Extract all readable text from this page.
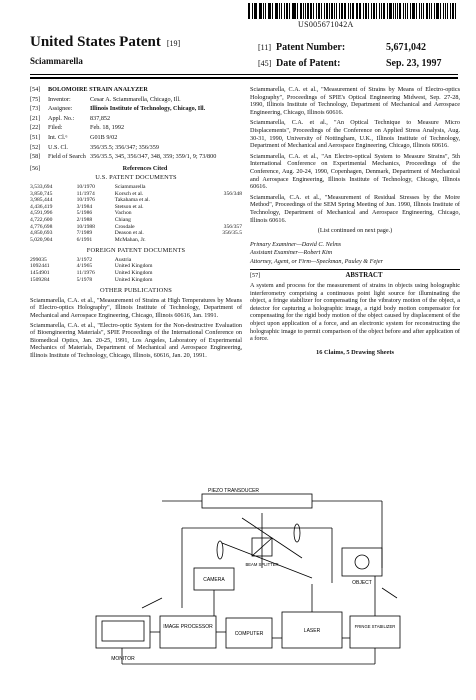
US005671042A
United States Patent [19]
Sciammarella
[11] Patent Number:	5,671,042
[45] Date of Patent:	Sep. 23, 1997
[54]	BOLOMOIRE STRAIN ANALYZER
[75]	Inventor:	Cesar A. Sciammarella, Chicago, Ill.
[73]	Assignee:	Illinois Institute of Technology, Chicago, Ill.
[21]	Appl. No.:	837,852
[22]	Filed:	Feb. 18, 1992
[51]	Int. Cl.⁶	G01B 9/02
[52]	U.S. Cl.	356/35.5; 356/347; 356/359
[58]	Field of Search 356/35.5, 345, 356/347, 348, 359; 359/1, 9; 73/800
[56]	References Cited
U.S. PATENT DOCUMENTS
3,533,694	10/1970	Sciammarella	
3,850,745	11/1974	Korsch et al.	356/348
3,985,444	10/1976	Takahama et al.	
4,436,419	3/1984	Stetson et al.	
4,591,996	5/1986	Vachon	
4,722,600	2/1988	Chiang	
4,776,698	10/1988	Crosdale	356/357
4,850,693	7/1989	Deason et al.	356/35.5
5,020,904	6/1991	McMahan, Jr.	
FOREIGN PATENT DOCUMENTS
299035	3/1972	Austria	
1092441	4/1965	United Kingdom	
1454901	11/1976	United Kingdom	
1509284	5/1978	United Kingdom	
OTHER PUBLICATIONS

Sciammarella, C.A. et al., "Measurement of Strains at High Temperatures by Means of Electro-optics Holography", Illinois Institute of Technology, Department of Mechanical and Aerospace Engineering, Chicago, Illinois 60616, Jan. 1991.

Sciammarella, C.A. et al., "Electro-optic System for the Non-destructive Evaluation of Bioengineering Materials", SPIE Proceedings of the International Conference on Biomedical Optics, Jan. 20-25, 1991, Los Angeles, Laboratory of Experimental Mechanics of Materials, Department of Mechanical and Aerospace Engineering, Illinois Institute of Technology, Chicago, Illinois, 60616, Jan. 20, 1991.

Sciammarella, C.A. et al., "Measurement of Strains by Means of Electro-optics Holography", Proceedings of SPIE's Optical Engineering Midwest, Sep. 27-28, 1990, Illinois Institute of Technology, Department of Mechanical and Aerospace Engineering, Chicago, Illinois 60616.

Sciammarella, C.A. et al., "An Optical Technique to Measure Micro Displacements", Proceedings of the Conference on Applied Stress Analysis, Aug. 30-31, 1990, University of Nottingham, U.K., Illinois Institute of Technology, Department of Mechanical and Aerospace Engineering, Chicago, Illinois 60616.

Sciammarella, C.A. et al., "An Electro-optical System to Measure Strains", 5th International Conference on Experimental Mechanics, Proceedings of the Conference, Aug. 20-24, 1990, Copenhagen, Denmark, Department of Mechanical and Aerospace Engineering, Illinois Institute of Technology, Chicago, Illinois 60616.

Sciammarella, C.A. et al., "Measurement of Residual Stresses by the Moire Method", Proceedings of the SEM Spring Meeting of Jun. 1990, Illinois Institute of Technology, Department of Mechanical and Aerospace Engineering, Chicago, Illinois 60616.

(List continued on next page.)

Primary Examiner—David C. Nelms

Assistant Examiner—Robert Kim

Attorney, Agent, or Firm—Speckman, Pauley & Fejer

[57]	ABSTRACT
A system and process for the measurement of strains in objects using holographic interferometry comprising a continuous point light source for illuminating the object, a fringe stabilizer for compensating for the vibratory motion of the object, a detector for capturing a holographic image, a rigid body motion compensator for compensating for the rigid body motion of the object caused by displacement of the object upon application of a force, and an electronic system for reconstructing the holographic image to permit comparison of the object before and after application of a force.
16 Claims, 5 Drawing Sheets
PIEZO TRANSDUCER
MONITOR
IMAGE PROCESSOR
COMPUTER
CAMERA
LASER
FRINGE STABILIZER
BEAM SPLITTER
OBJECT
